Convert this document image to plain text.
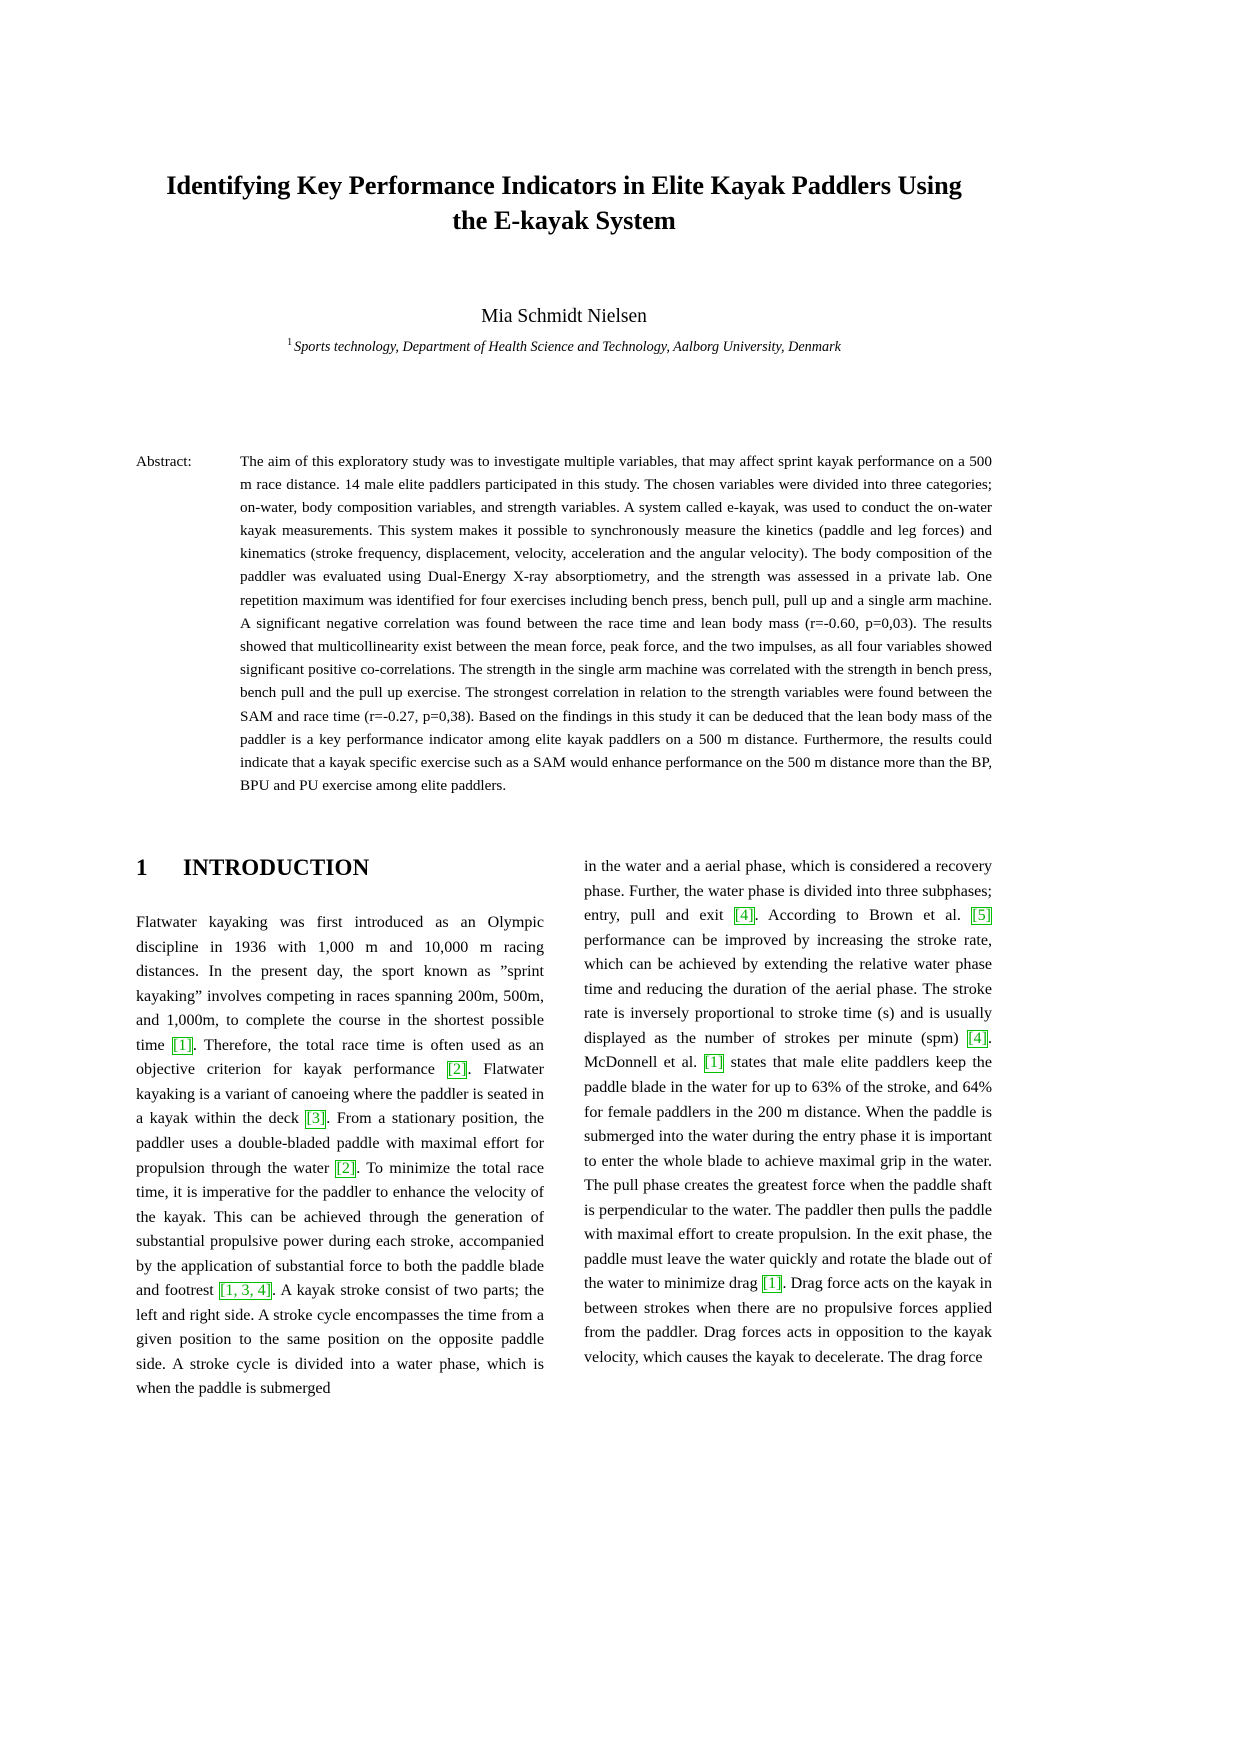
Identifying Key Performance Indicators in Elite Kayak Paddlers Using the E-kayak System
Mia Schmidt Nielsen
$^1$ Sports technology, Department of Health Science and Technology, Aalborg University, Denmark
Abstract:	The aim of this exploratory study was to investigate multiple variables, that may affect sprint kayak performance on a 500 m race distance. 14 male elite paddlers participated in this study. The chosen variables were divided into three categories; on-water, body composition variables, and strength variables. A system called e-kayak, was used to conduct the on-water kayak measurements. This system makes it possible to synchronously measure the kinetics (paddle and leg forces) and kinematics (stroke frequency, displacement, velocity, acceleration and the angular velocity). The body composition of the paddler was evaluated using Dual-Energy X-ray absorptiometry, and the strength was assessed in a private lab. One repetition maximum was identified for four exercises including bench press, bench pull, pull up and a single arm machine. A significant negative correlation was found between the race time and lean body mass (r=-0.60, p=0,03). The results showed that multicollinearity exist between the mean force, peak force, and the two impulses, as all four variables showed significant positive co-correlations. The strength in the single arm machine was correlated with the strength in bench press, bench pull and the pull up exercise. The strongest correlation in relation to the strength variables were found between the SAM and race time (r=-0.27, p=0,38). Based on the findings in this study it can be deduced that the lean body mass of the paddler is a key performance indicator among elite kayak paddlers on a 500 m distance. Furthermore, the results could indicate that a kayak specific exercise such as a SAM would enhance performance on the 500 m distance more than the BP, BPU and PU exercise among elite paddlers.
1 INTRODUCTION

Flatwater kayaking was first introduced as an Olympic discipline in 1936 with 1,000 m and 10,000 m racing distances. In the present day, the sport known as ”sprint kayaking” involves competing in races spanning 200m, 500m, and 1,000m, to complete the course in the shortest possible time [1]. Therefore, the total race time is often used as an objective criterion for kayak performance [2]. Flatwater kayaking is a variant of canoeing where the paddler is seated in a kayak within the deck [3]. From a stationary position, the paddler uses a double-bladed paddle with maximal effort for propulsion through the water [2]. To minimize the total race time, it is imperative for the paddler to enhance the velocity of the kayak. This can be achieved through the generation of substantial propulsive power during each stroke, accompanied by the application of substantial force to both the paddle blade and footrest [1, 3, 4]. A kayak stroke consist of two parts; the left and right side. A stroke cycle encompasses the time from a given position to the same position on the opposite paddle side. A stroke cycle is divided into a water phase, which is when the paddle is submerged

in the water and a aerial phase, which is considered a recovery phase. Further, the water phase is divided into three subphases; entry, pull and exit [4]. According to Brown et al. [5] performance can be improved by increasing the stroke rate, which can be achieved by extending the relative water phase time and reducing the duration of the aerial phase. The stroke rate is inversely proportional to stroke time (s) and is usually displayed as the number of strokes per minute (spm) [4]. McDonnell et al. [1] states that male elite paddlers keep the paddle blade in the water for up to 63% of the stroke, and 64% for female paddlers in the 200 m distance. When the paddle is submerged into the water during the entry phase it is important to enter the whole blade to achieve maximal grip in the water. The pull phase creates the greatest force when the paddle shaft is perpendicular to the water. The paddler then pulls the paddle with maximal effort to create propulsion. In the exit phase, the paddle must leave the water quickly and rotate the blade out of the water to minimize drag [1]. Drag force acts on the kayak in between strokes when there are no propulsive forces applied from the paddler. Drag forces acts in opposition to the kayak velocity, which causes the kayak to decelerate. The drag force
